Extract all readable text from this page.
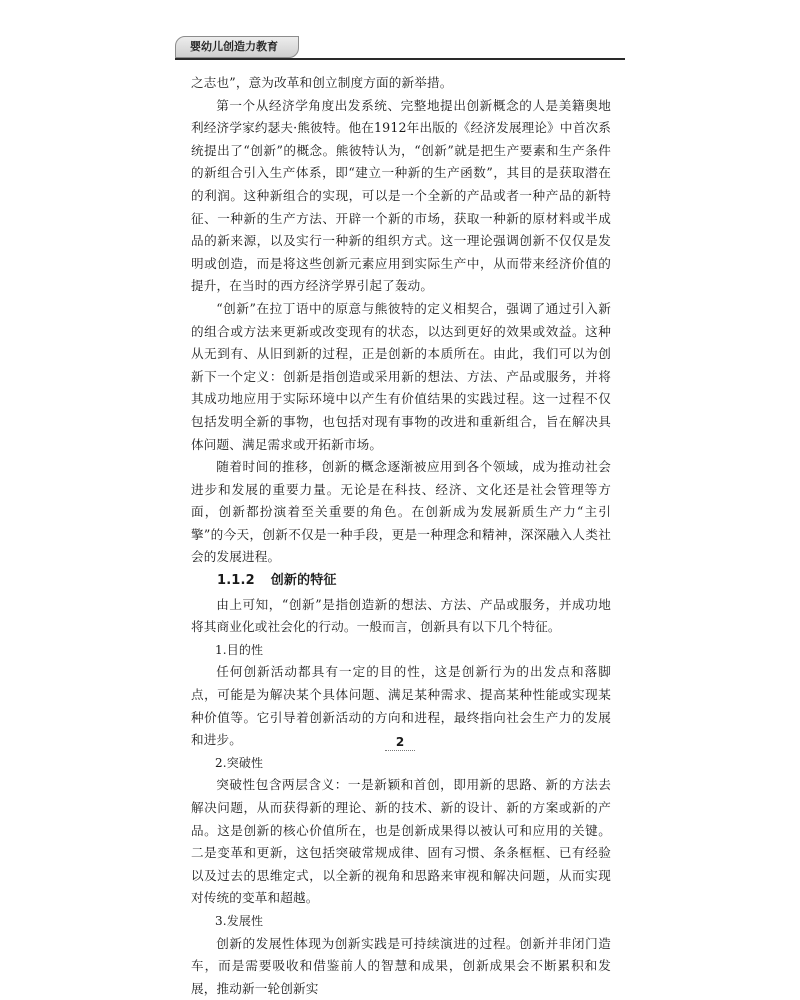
婴幼儿创造力教育

之志也”，意为改革和创立制度方面的新举措。

第一个从经济学角度出发系统、完整地提出创新概念的人是美籍奥地利经济学家约瑟夫·熊彼特。他在1912年出版的《经济发展理论》中首次系统提出了“创新”的概念。熊彼特认为，“创新”就是把生产要素和生产条件的新组合引入生产体系，即“建立一种新的生产函数”，其目的是获取潜在的利润。这种新组合的实现，可以是一个全新的产品或者一种产品的新特征、一种新的生产方法、开辟一个新的市场，获取一种新的原材料或半成品的新来源，以及实行一种新的组织方式。这一理论强调创新不仅仅是发明或创造，而是将这些创新元素应用到实际生产中，从而带来经济价值的提升，在当时的西方经济学界引起了轰动。

“创新”在拉丁语中的原意与熊彼特的定义相契合，强调了通过引入新的组合或方法来更新或改变现有的状态，以达到更好的效果或效益。这种从无到有、从旧到新的过程，正是创新的本质所在。由此，我们可以为创新下一个定义：创新是指创造或采用新的想法、方法、产品或服务，并将其成功地应用于实际环境中以产生有价值结果的实践过程。这一过程不仅包括发明全新的事物，也包括对现有事物的改进和重新组合，旨在解决具体问题、满足需求或开拓新市场。

随着时间的推移，创新的概念逐渐被应用到各个领域，成为推动社会进步和发展的重要力量。无论是在科技、经济、文化还是社会管理等方面，创新都扮演着至关重要的角色。在创新成为发展新质生产力“主引擎”的今天，创新不仅是一种手段，更是一种理念和精神，深深融入人类社会的发展进程。

1.1.2 创新的特征

由上可知，“创新”是指创造新的想法、方法、产品或服务，并成功地将其商业化或社会化的行动。一般而言，创新具有以下几个特征。

1.目的性

任何创新活动都具有一定的目的性，这是创新行为的出发点和落脚点，可能是为解决某个具体问题、满足某种需求、提高某种性能或实现某种价值等。它引导着创新活动的方向和进程，最终指向社会生产力的发展和进步。

2.突破性

突破性包含两层含义：一是新颖和首创，即用新的思路、新的方法去解决问题，从而获得新的理论、新的技术、新的设计、新的方案或新的产品。这是创新的核心价值所在，也是创新成果得以被认可和应用的关键。二是变革和更新，这包括突破常规成律、固有习惯、条条框框、已有经验以及过去的思维定式，以全新的视角和思路来审视和解决问题，从而实现对传统的变革和超越。

3.发展性

创新的发展性体现为创新实践是可持续演进的过程。创新并非闭门造车，而是需要吸收和借鉴前人的智慧和成果，创新成果会不断累积和发展，推动新一轮创新实

2
